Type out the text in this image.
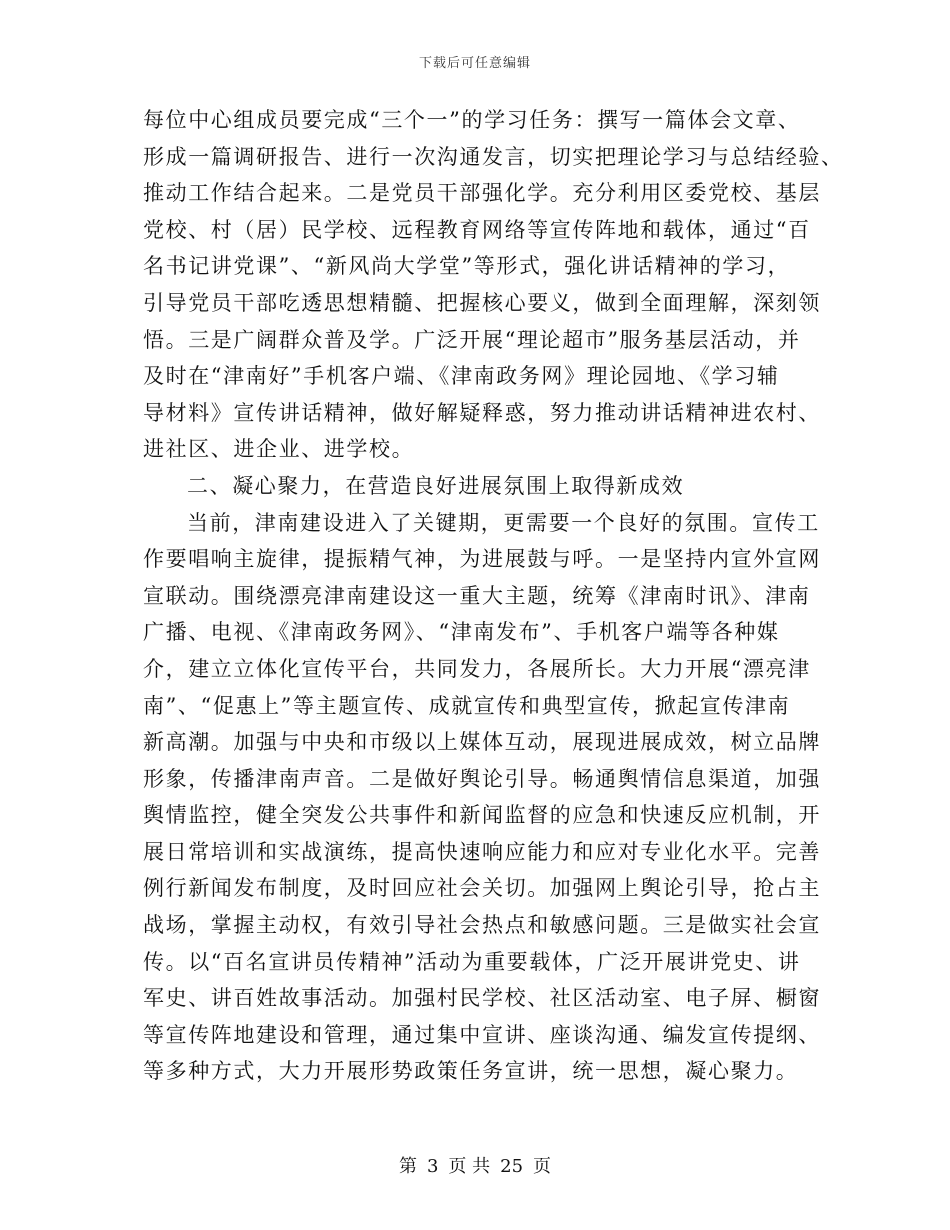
下载后可任意编辑
每位中心组成员要完成“三个一”的学习任务：撰写一篇体会文章、
形成一篇调研报告、进行一次沟通发言，切实把理论学习与总结经验、
推动工作结合起来。二是党员干部强化学。充分利用区委党校、基层
党校、村（居）民学校、远程教育网络等宣传阵地和载体，通过“百
名书记讲党课”、“新风尚大学堂”等形式，强化讲话精神的学习，
引导党员干部吃透思想精髓、把握核心要义，做到全面理解，深刻领
悟。三是广阔群众普及学。广泛开展“理论超市”服务基层活动，并
及时在“津南好”手机客户端、《津南政务网》理论园地、《学习辅
导材料》宣传讲话精神，做好解疑释惑，努力推动讲话精神进农村、
进社区、进企业、进学校。
二、凝心聚力，在营造良好进展氛围上取得新成效
当前，津南建设进入了关键期，更需要一个良好的氛围。宣传工
作要唱响主旋律，提振精气神，为进展鼓与呼。一是坚持内宣外宣网
宣联动。围绕漂亮津南建设这一重大主题，统筹《津南时讯》、津南
广播、电视、《津南政务网》、“津南发布”、手机客户端等各种媒
介，建立立体化宣传平台，共同发力，各展所长。大力开展“漂亮津
南”、“促惠上”等主题宣传、成就宣传和典型宣传，掀起宣传津南
新高潮。加强与中央和市级以上媒体互动，展现进展成效，树立品牌
形象，传播津南声音。二是做好舆论引导。畅通舆情信息渠道，加强
舆情监控，健全突发公共事件和新闻监督的应急和快速反应机制，开
展日常培训和实战演练，提高快速响应能力和应对专业化水平。完善
例行新闻发布制度，及时回应社会关切。加强网上舆论引导，抢占主
战场，掌握主动权，有效引导社会热点和敏感问题。三是做实社会宣
传。以“百名宣讲员传精神”活动为重要载体，广泛开展讲党史、讲
军史、讲百姓故事活动。加强村民学校、社区活动室、电子屏、橱窗
等宣传阵地建设和管理，通过集中宣讲、座谈沟通、编发宣传提纲、
等多种方式，大力开展形势政策任务宣讲，统一思想，凝心聚力。
第 3 页 共 25 页
